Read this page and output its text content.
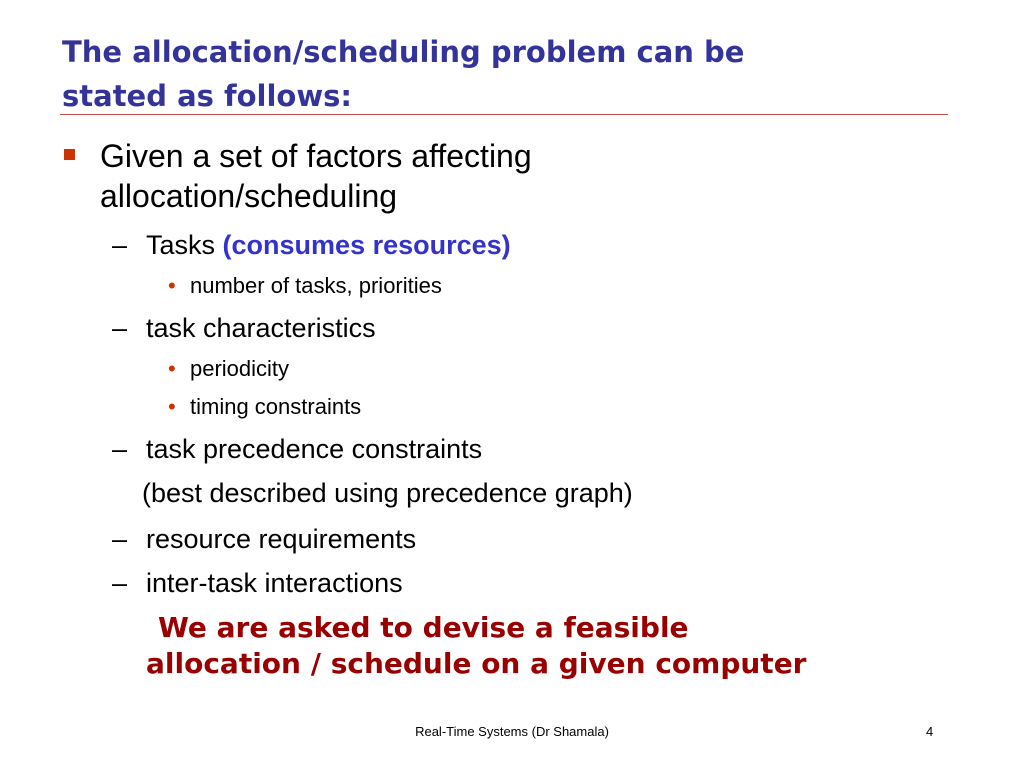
The allocation/scheduling problem can be
stated as follows:
Given a set of factors affecting
allocation/scheduling
– Tasks (consumes resources)
• number of tasks, priorities
– task characteristics
• periodicity
• timing constraints
– task precedence constraints
(best described using precedence graph)
– resource requirements
– inter-task interactions
We are asked to devise a feasible
allocation / schedule on a given computer
Real-Time Systems (Dr Shamala)	4
